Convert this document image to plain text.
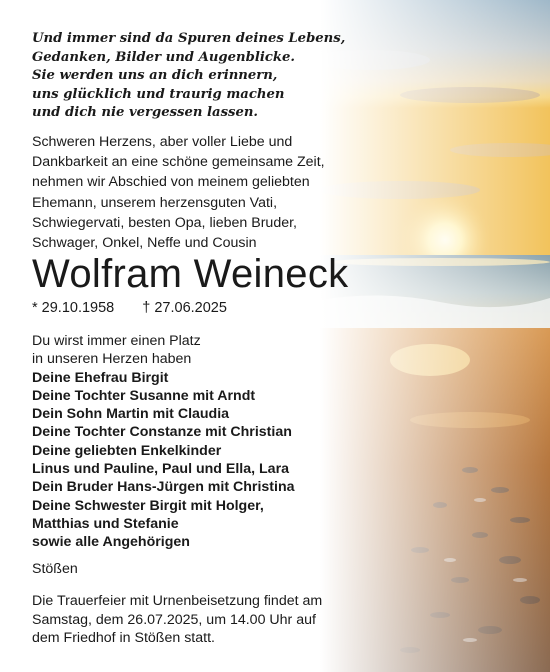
Und immer sind da Spuren deines Lebens,
Gedanken, Bilder und Augenblicke.
Sie werden uns an dich erinnern,
uns glücklich und traurig machen
und dich nie vergessen lassen.
Schweren Herzens, aber voller Liebe und
Dankbarkeit an eine schöne gemeinsame Zeit,
nehmen wir Abschied von meinem geliebten
Ehemann, unserem herzensguten Vati,
Schwiegervati, besten Opa, lieben Bruder,
Schwager, Onkel, Neffe und Cousin
Wolfram Weineck
* 29.10.1958 † 27.06.2025
Du wirst immer einen Platz
in unseren Herzen haben
Deine Ehefrau Birgit
Deine Tochter Susanne mit Arndt
Dein Sohn Martin mit Claudia
Deine Tochter Constanze mit Christian
Deine geliebten Enkelkinder
Linus und Pauline, Paul und Ella, Lara
Dein Bruder Hans-Jürgen mit Christina
Deine Schwester Birgit mit Holger,
Matthias und Stefanie
sowie alle Angehörigen
Stößen
Die Trauerfeier mit Urnenbeisetzung findet am
Samstag, dem 26.07.2025, um 14.00 Uhr auf
dem Friedhof in Stößen statt.
